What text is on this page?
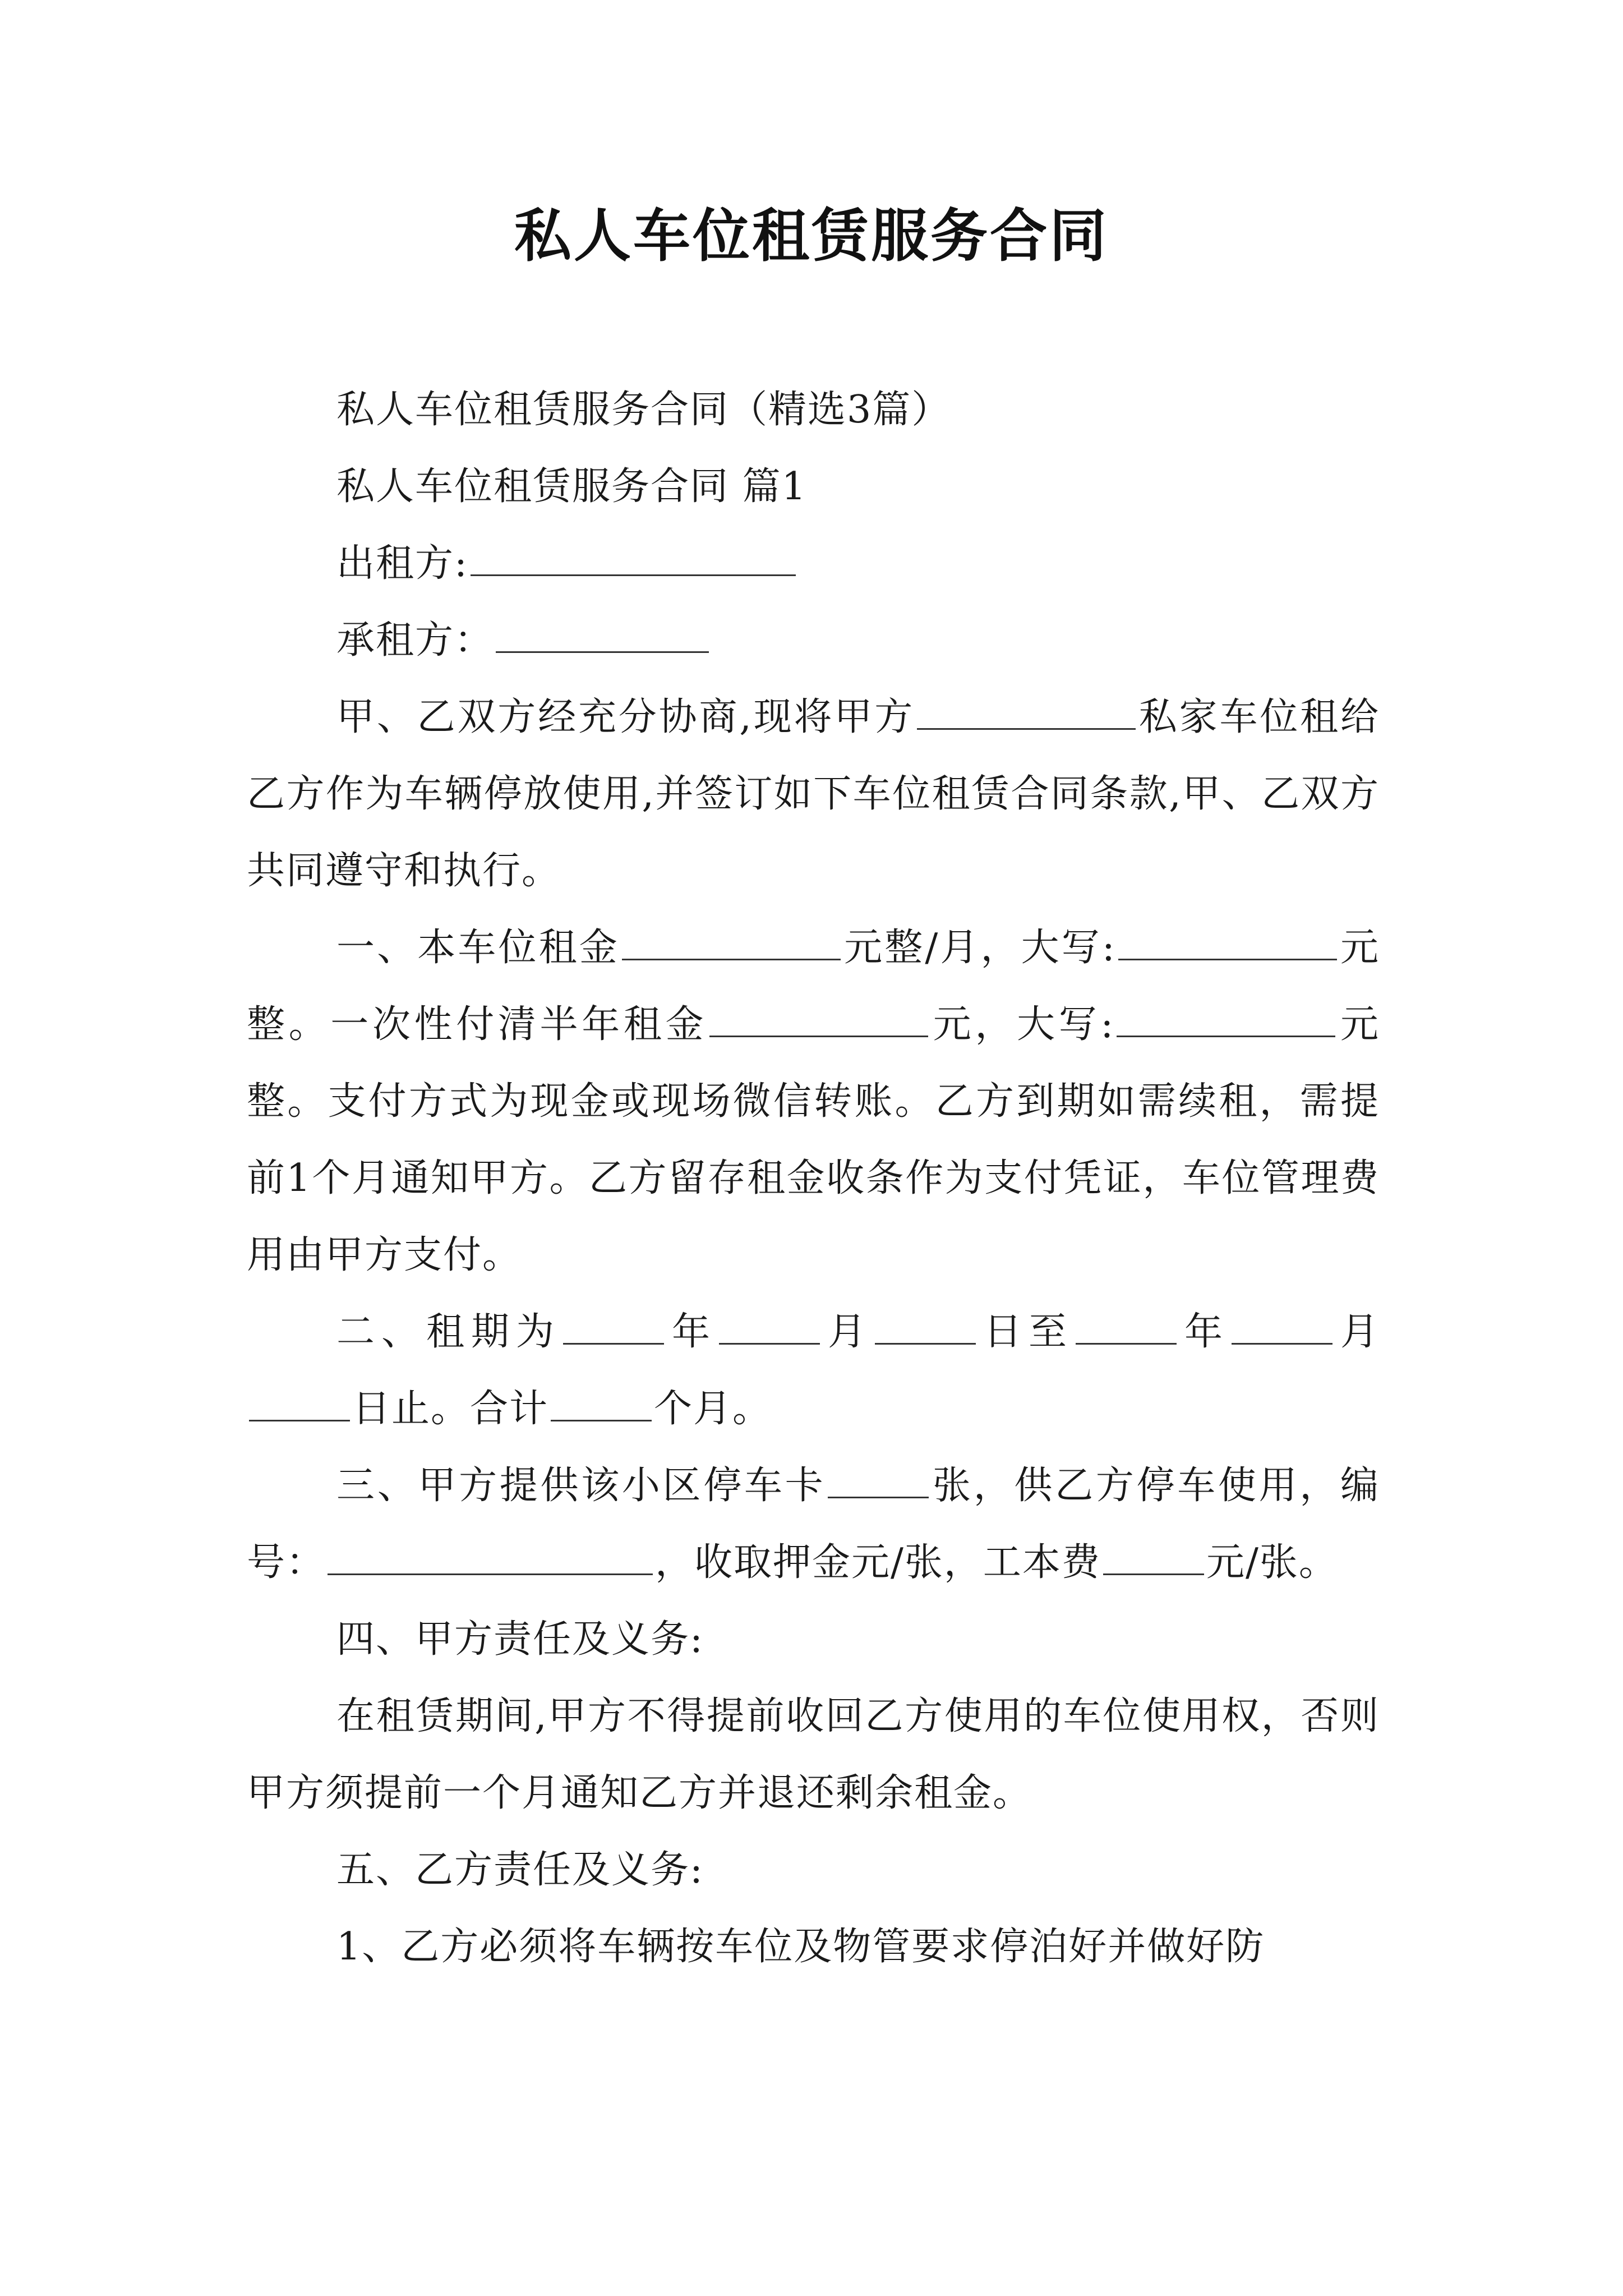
私人车位租赁服务合同

私人车位租赁服务合同（精选3篇）

私人车位租赁服务合同 篇1

出租方:

承租方：

甲、乙双方经充分协商,现将甲方	私家车位租给乙方作为车辆停放使用,并签订如下车位租赁合同条款,甲、乙双方共同遵守和执行。

一、本车位租金	元整/月，大写:	元整。一次性付清半年租金	元，大写:	元整。支付方式为现金或现场微信转账。乙方到期如需续租，需提前1个月通知甲方。乙方留存租金收条作为支付凭证，车位管理费用由甲方支付。

二、租期为	年	月	日至	年	月日止。合计	个月。

三、甲方提供该小区停车卡	张，供乙方停车使用，编号：	，收取押金元/张，工本费	元/张。

四、甲方责任及义务:

在租赁期间,甲方不得提前收回乙方使用的车位使用权，否则甲方须提前一个月通知乙方并退还剩余租金。

五、乙方责任及义务:

1、乙方必须将车辆按车位及物管要求停泊好并做好防
